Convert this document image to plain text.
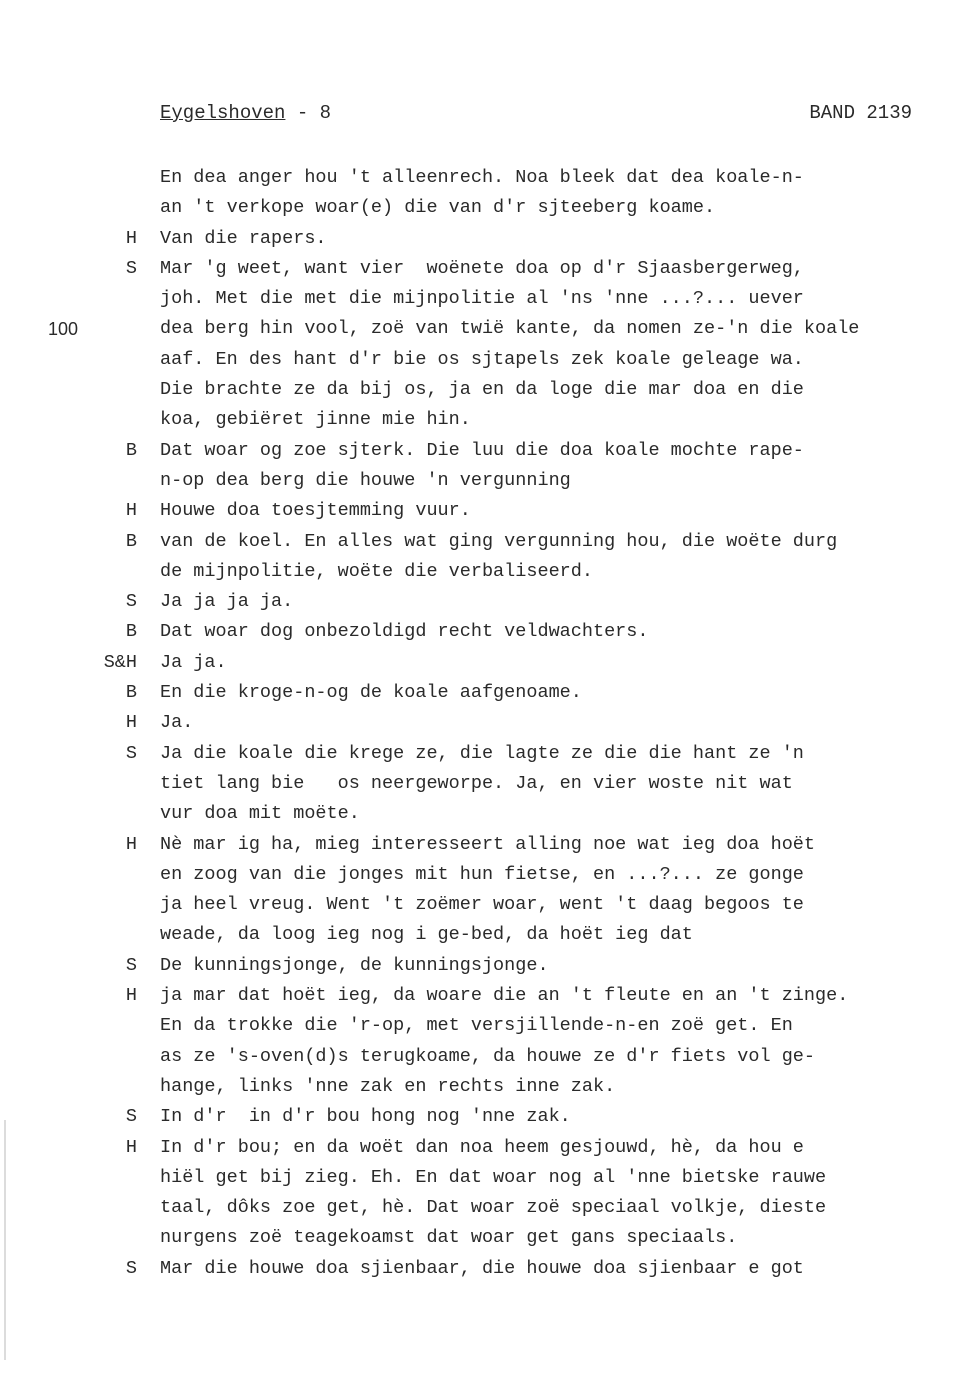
Eygelshoven - 8	BAND 2139
En dea anger hou 't alleenrech. Noa bleek dat dea koale-n-
an 't verkope woar(e) die van d'r sjteeberg koame.
H Van die rapers.
S Mar 'g weet, want vier  woënete doa op d'r Sjaasbergerweg,
joh. Met die met die mijnpolitie al 'ns 'nne ...?... uever
100	dea berg hin vool, zoë van twië kante, da nomen ze-'n die koale
aaf. En des hant d'r bie os sjtapels zek koale geleage wa.
Die brachte ze da bij os, ja en da loge die mar doa en die
koa, gebiëret jinne mie hin.
B Dat woar og zoe sjterk. Die luu die doa koale mochte rape-
n-op dea berg die houwe 'n vergunning
H Houwe doa toesjtemming vuur.
B van de koel. En alles wat ging vergunning hou, die woëte durg
de mijnpolitie, woëte die verbaliseerd.
S Ja ja ja ja.
B Dat woar dog onbezoldigd recht veldwachters.
S&H Ja ja.
B En die kroge-n-og de koale aafgenoame.
H Ja.
S Ja die koale die krege ze, die lagte ze die die hant ze 'n
tiet lang bie   os neergeworpe. Ja, en vier woste nit wat
vur doa mit moëte.
H Nè mar ig ha, mieg interesseert alling noe wat ieg doa hoët
en zoog van die jonges mit hun fietse, en ...?... ze gonge
ja heel vreug. Went 't zoëmer woar, went 't daag begoos te
weade, da loog ieg nog i ge-bed, da hoët ieg dat
S De kunningsjonge, de kunningsjonge.
H ja mar dat hoët ieg, da woare die an 't fleute en an 't zinge.
En da trokke die 'r-op, met versjillende-n-en zoë get. En
as ze 's-oven(d)s terugkoame, da houwe ze d'r fiets vol ge-
hange, links 'nne zak en rechts inne zak.
S In d'r  in d'r bou hong nog 'nne zak.
H In d'r bou; en da woët dan noa heem gesjouwd, hè, da hou e
hiël get bij zieg. Eh. En dat woar nog al 'nne bietske rauwe
taal, dôks zoe get, hè. Dat woar zoë speciaal volkje, dieste
nurgens zoë teagekoamst dat woar get gans speciaals.
S Mar die houwe doa sjienbaar, die houwe doa sjienbaar e got
